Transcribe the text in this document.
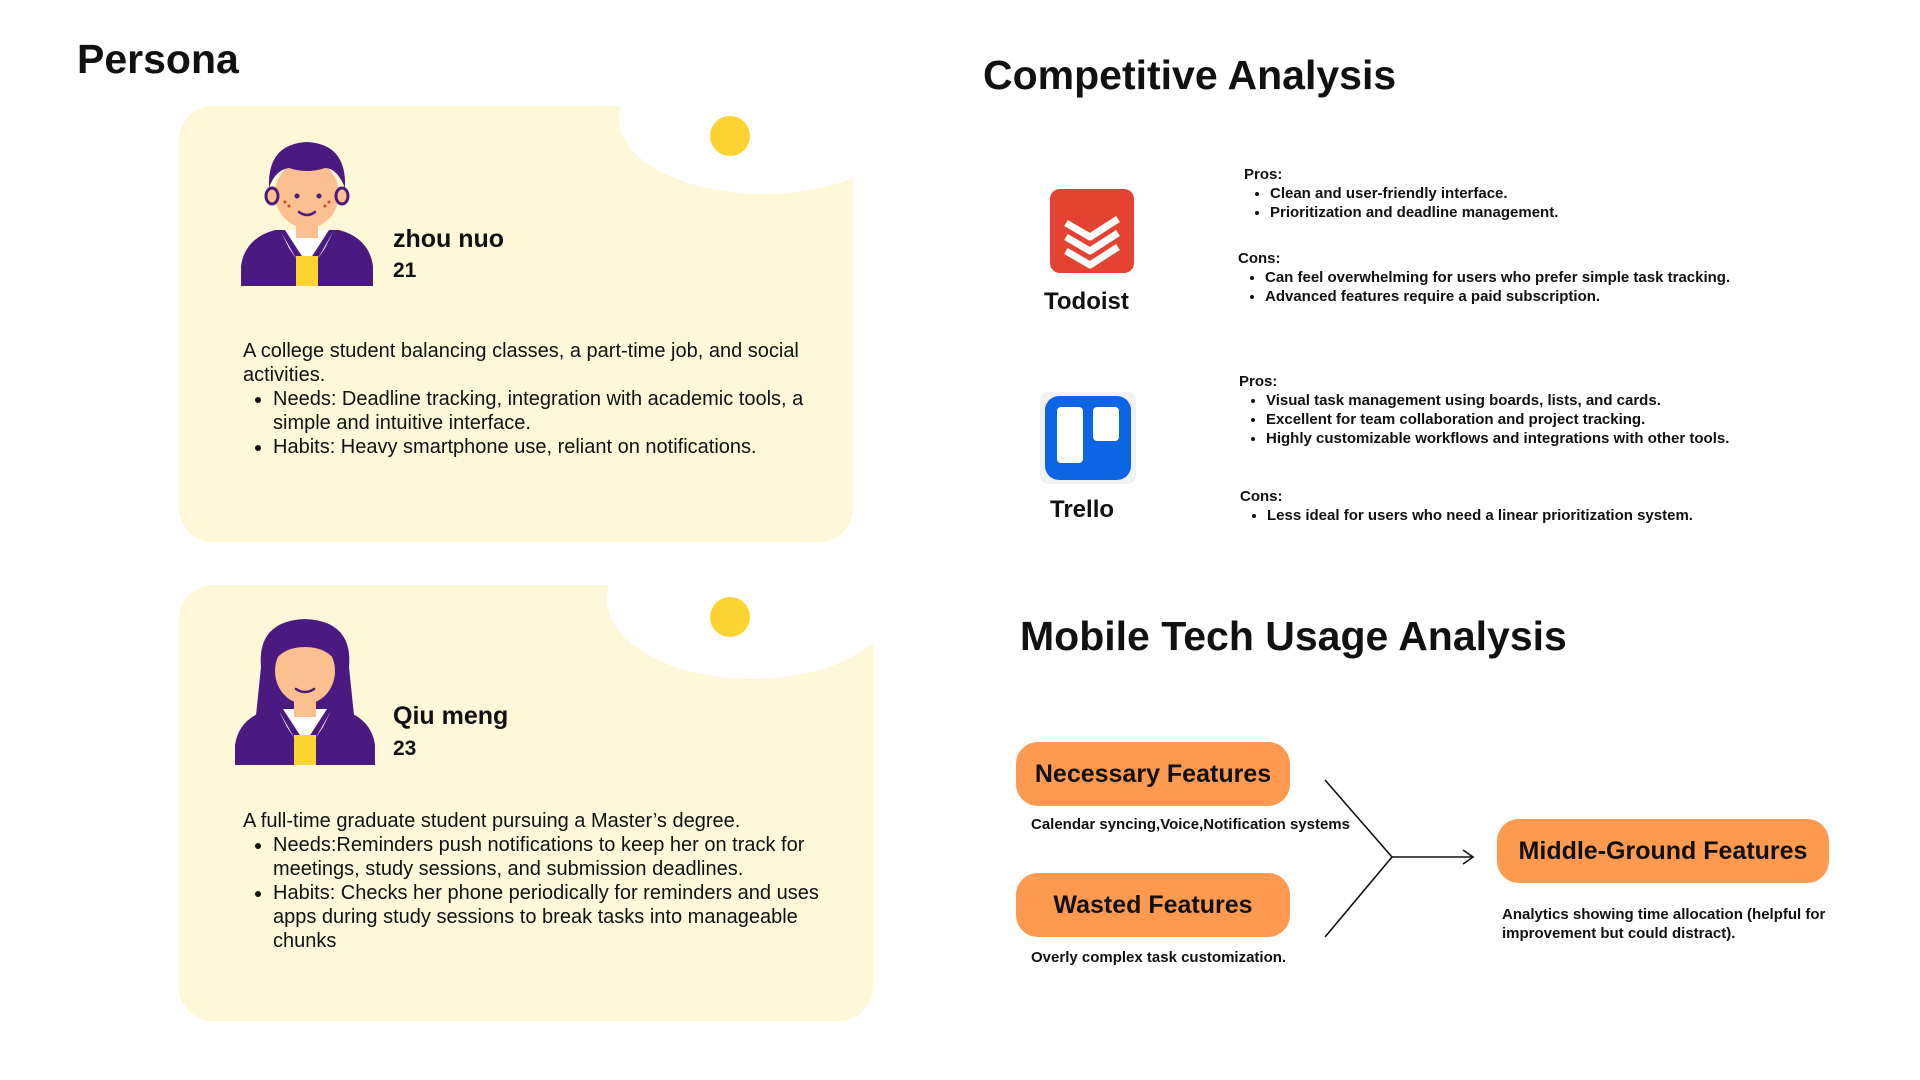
Persona
zhou nuo
21
A college student balancing classes, a part-time job, and social activities.
• Needs: Deadline tracking, integration with academic tools, a simple and intuitive interface.
• Habits: Heavy smartphone use, reliant on notifications.
Qiu meng
23
A full-time graduate student pursuing a Master’s degree.
• Needs:Reminders push notifications to keep her on track for meetings, study sessions, and submission deadlines.
• Habits: Checks her phone periodically for reminders and uses apps during study sessions to break tasks into manageable chunks
Competitive Analysis
Todoist
Pros:
• Clean and user-friendly interface.
• Prioritization and deadline management.
Cons:
• Can feel overwhelming for users who prefer simple task tracking.
• Advanced features require a paid subscription.
Trello
Pros:
• Visual task management using boards, lists, and cards.
• Excellent for team collaboration and project tracking.
• Highly customizable workflows and integrations with other tools.
Cons:
• Less ideal for users who need a linear prioritization system.
Mobile Tech Usage Analysis
Necessary Features
Calendar syncing,Voice,Notification systems
Wasted Features
Overly complex task customization.
Middle-Ground Features
Analytics showing time allocation (helpful for improvement but could distract).
